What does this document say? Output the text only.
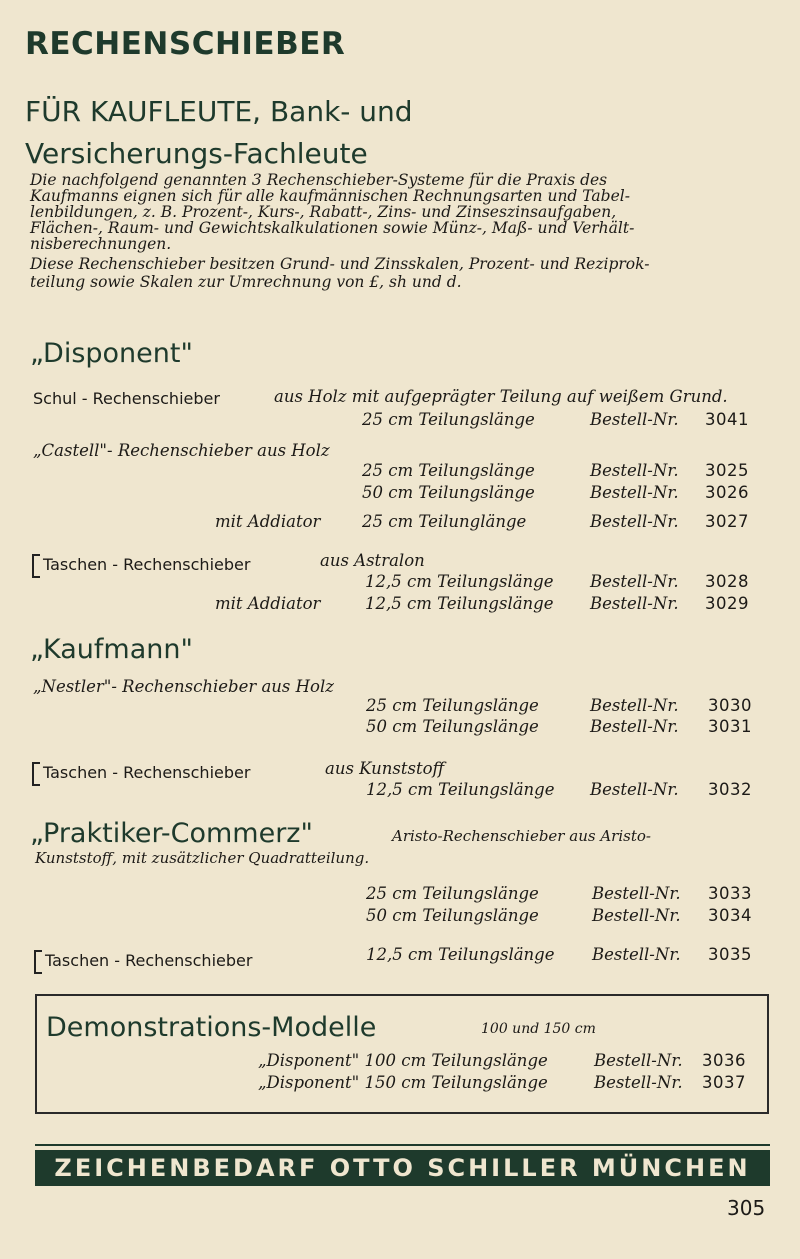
RECHENSCHIEBER
FÜR KAUFLEUTE, Bank- und
Versicherungs-Fachleute
Die nachfolgend genannten 3 Rechenschieber-Systeme für die Praxis des
Kaufmanns eignen sich für alle kaufmännischen Rechnungsarten und Tabel-
lenbildungen, z. B. Prozent-, Kurs-, Rabatt-, Zins- und Zinseszinsaufgaben,
Flächen-, Raum- und Gewichtskalkulationen sowie Münz-, Maß- und Verhält-
nisberechnungen.
Diese Rechenschieber besitzen Grund- und Zinsskalen, Prozent- und Reziprok-
teilung sowie Skalen zur Umrechnung von £, sh und d.
„Disponent"
Schul - Rechenschieber	aus Holz mit aufgeprägter Teilung auf weißem Grund.
25 cm Teilungslänge	Bestell-Nr. 3041
„Castell"- Rechenschieber aus Holz
25 cm Teilungslänge	Bestell-Nr. 3025
50 cm Teilungslänge	Bestell-Nr. 3026
mit Addiator	25 cm Teilunglänge	Bestell-Nr. 3027
Taschen - Rechenschieber	aus Astralon
12,5 cm Teilungslänge Bestell-Nr. 3028
mit Addiator	12,5 cm Teilungslänge Bestell-Nr. 3029
„Kaufmann"
„Nestler"- Rechenschieber aus Holz
25 cm Teilungslänge	Bestell-Nr. 3030
50 cm Teilungslänge	Bestell-Nr. 3031
Taschen - Rechenschieber	aus Kunststoff
12,5 cm Teilungslänge Bestell-Nr. 3032
„Praktiker-Commerz"	Aristo-Rechenschieber aus Aristo-
Kunststoff, mit zusätzlicher Quadratteilung.
25 cm Teilungslänge	Bestell-Nr. 3033
50 cm Teilungslänge	Bestell-Nr. 3034
Taschen - Rechenschieber	12,5 cm Teilungslänge Bestell-Nr. 3035
Demonstrations-Modelle	100 und 150 cm
„Disponent" 100 cm Teilungslänge	Bestell-Nr. 3036
„Disponent" 150 cm Teilungslänge	Bestell-Nr. 3037
ZEICHENBEDARF OTTO SCHILLER MÜNCHEN
305
